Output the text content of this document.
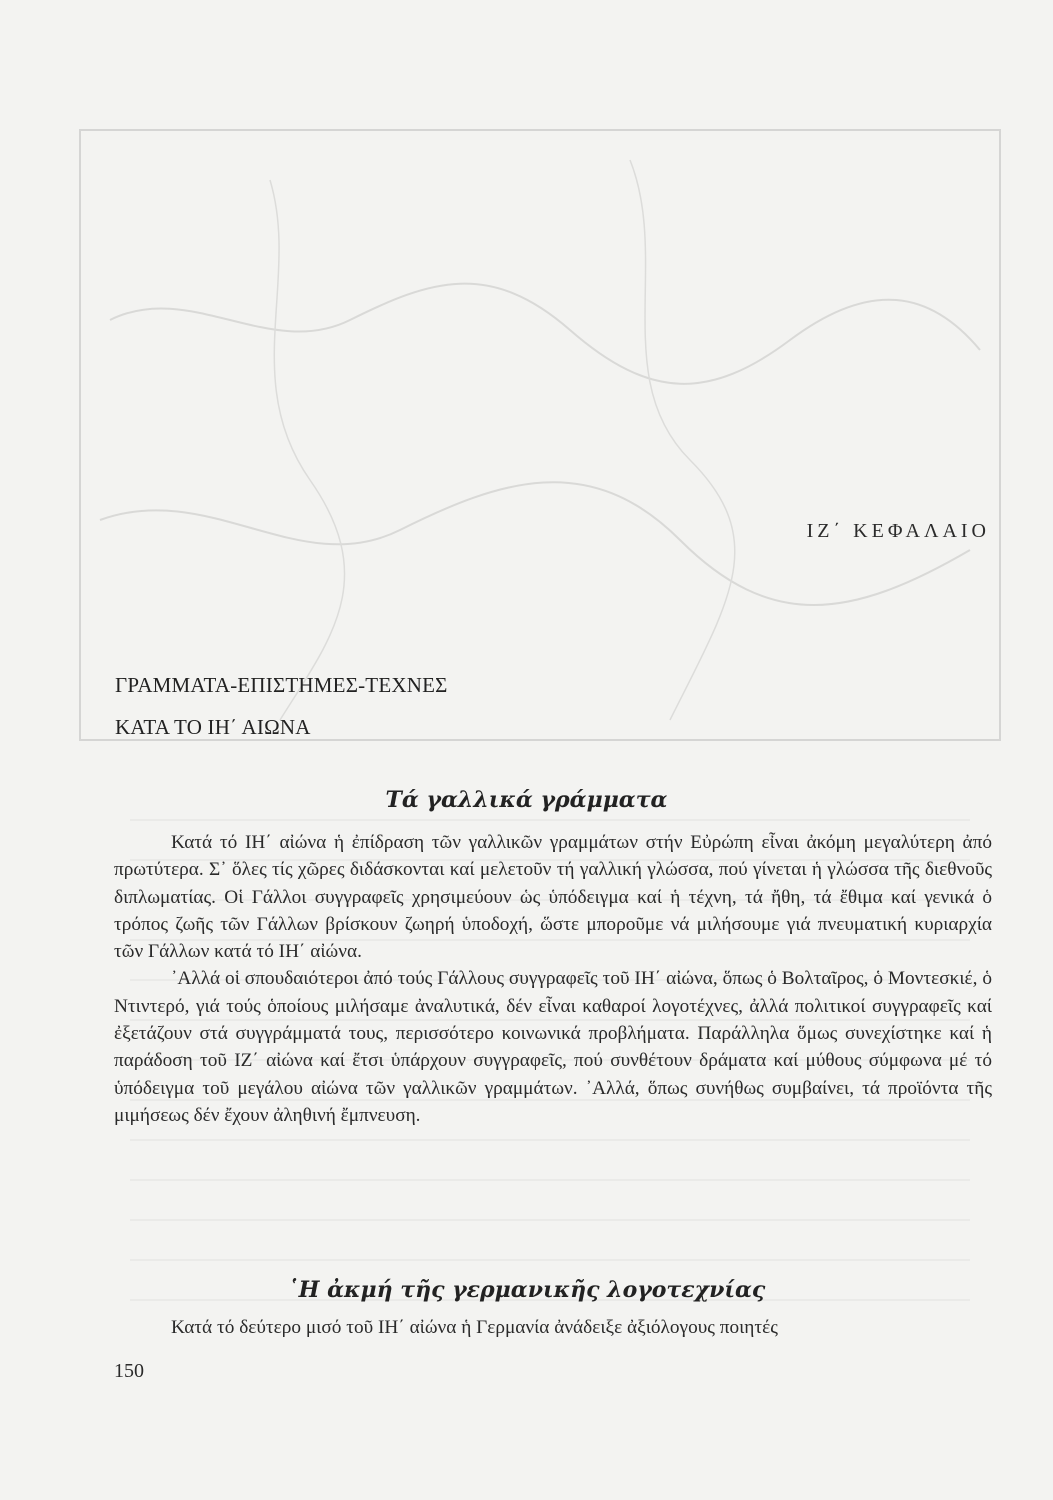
ΙΖ΄ ΚΕΦΑΛΑΙΟ
ΓΡΑΜΜΑΤΑ-ΕΠΙΣΤΗΜΕΣ-ΤΕΧΝΕΣ
ΚΑΤΑ ΤΟ ΙΗ΄ ΑΙΩΝΑ
Τά γαλλικά γράμματα

Κατά τό ΙΗ΄ αἰώνα ἡ ἐπίδραση τῶν γαλλικῶν γραμμάτων στήν Εὐρώπη εἶναι ἀκόμη μεγαλύτερη ἀπό πρωτύτερα. Σ᾿ ὅλες τίς χῶρες διδάσκονται καί μελετοῦν τή γαλλική γλώσσα, πού γίνεται ἡ γλώσσα τῆς διεθνοῦς διπλωματίας. Οἱ Γάλλοι συγγραφεῖς χρησιμεύουν ὡς ὑπόδειγμα καί ἡ τέχνη, τά ἤθη, τά ἔθιμα καί γενικά ὁ τρόπος ζωῆς τῶν Γάλλων βρίσκουν ζωηρή ὑποδοχή, ὥστε μποροῦμε νά μιλήσουμε γιά πνευματική κυριαρχία τῶν Γάλλων κατά τό ΙΗ΄ αἰώνα.

᾿Αλλά οἱ σπουδαιότεροι ἀπό τούς Γάλλους συγγραφεῖς τοῦ ΙΗ΄ αἰώνα, ὅπως ὁ Βολταῖρος, ὁ Μοντεσκιέ, ὁ Ντιντερό, γιά τούς ὁποίους μιλήσαμε ἀναλυτικά, δέν εἶναι καθαροί λογοτέχνες, ἀλλά πολιτικοί συγγραφεῖς καί ἐξετάζουν στά συγγράμματά τους, περισσότερο κοινωνικά προβλήματα. Παράλληλα ὅμως συνεχίστηκε καί ἡ παράδοση τοῦ ΙΖ΄ αἰώνα καί ἔτσι ὑπάρχουν συγγραφεῖς, πού συνθέτουν δράματα καί μύθους σύμφωνα μέ τό ὑπόδειγμα τοῦ μεγάλου αἰώνα τῶν γαλλικῶν γραμμάτων. ᾿Αλλά, ὅπως συνήθως συμβαίνει, τά προϊόντα τῆς μιμήσεως δέν ἔχουν ἀληθινή ἔμπνευση.

῾Η ἀκμή τῆς γερμανικῆς λογοτεχνίας

Κατά τό δεύτερο μισό τοῦ ΙΗ΄ αἰώνα ἡ Γερμανία ἀνάδειξε ἀξιόλογους ποιητές

150
